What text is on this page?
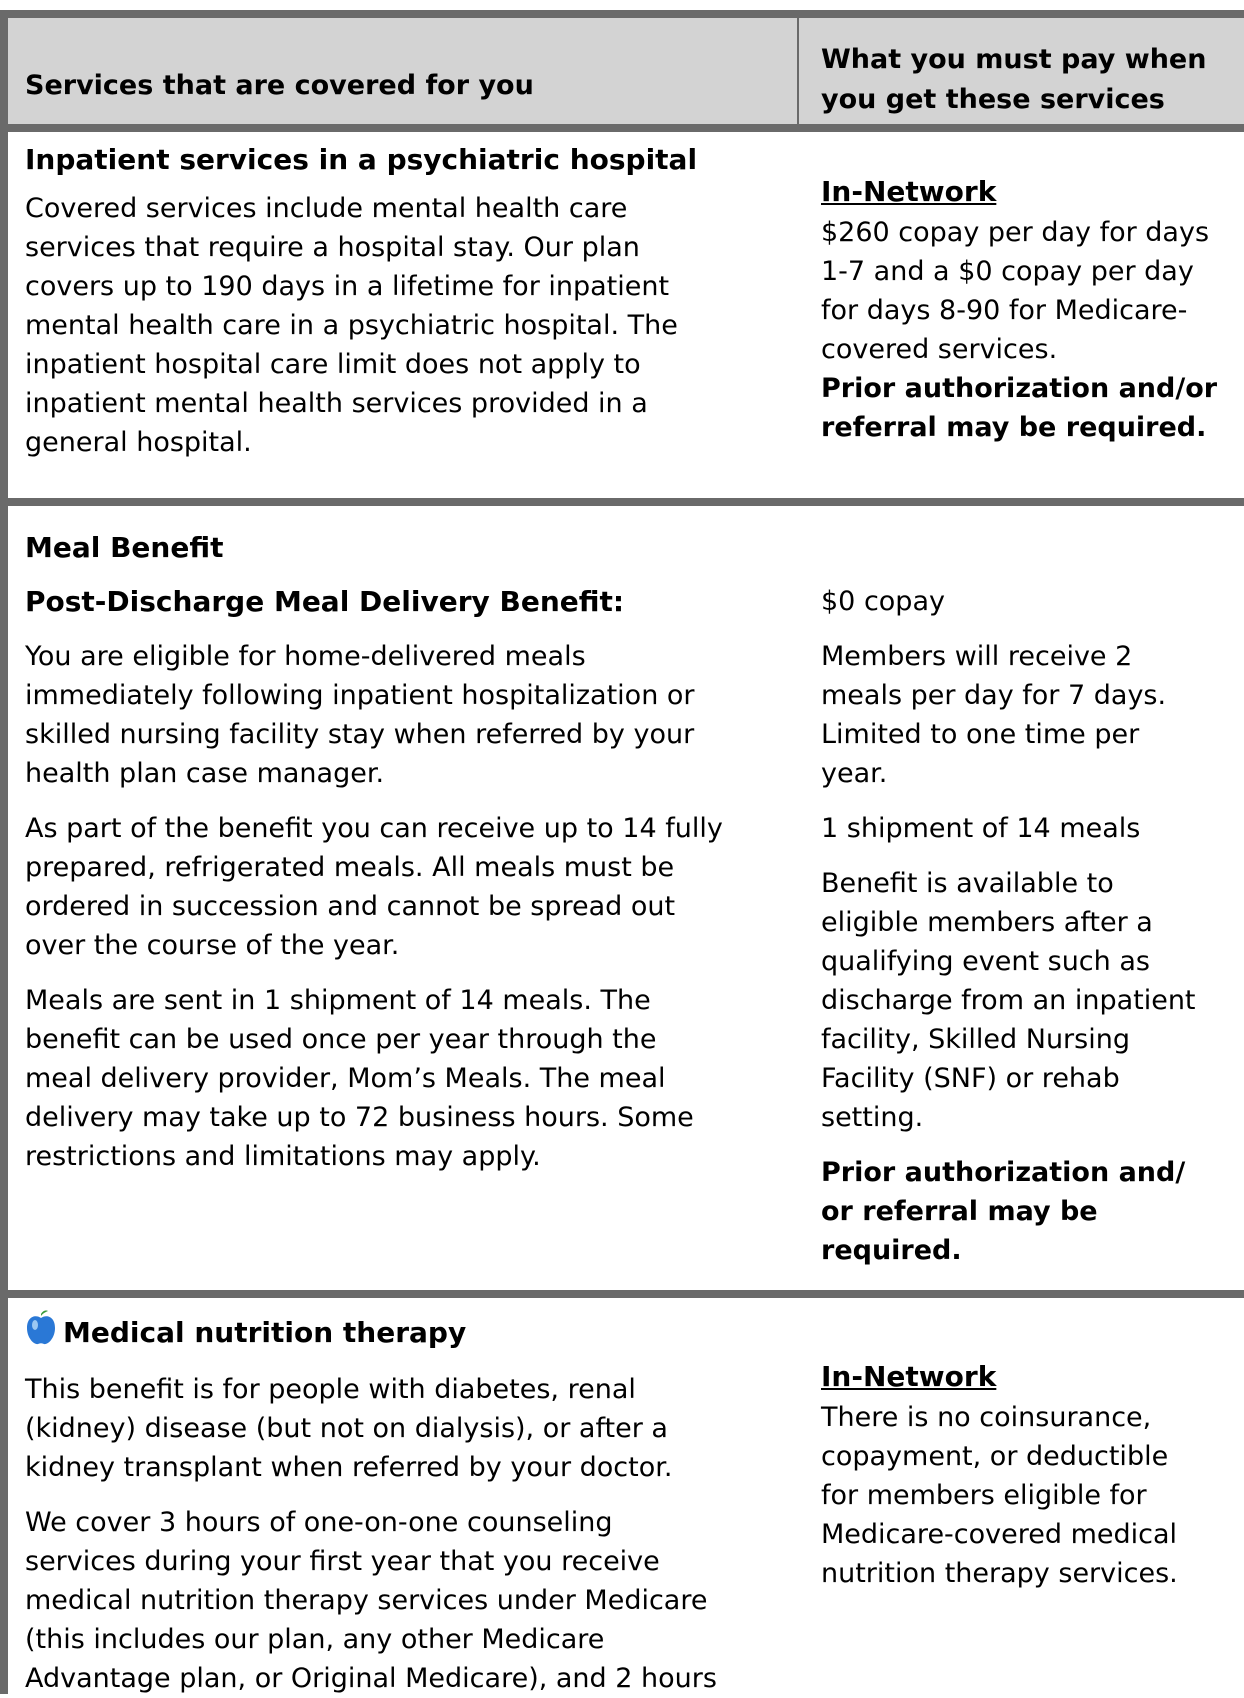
Services that are covered for you
What you must pay when you get these services

Inpatient services in a psychiatric hospital

Covered services include mental health care

services that require a hospital stay. Our plan

covers up to 190 days in a lifetime for inpatient

mental health care in a psychiatric hospital. The

inpatient hospital care limit does not apply to

inpatient mental health services provided in a

general hospital.

In-Network

$260 copay per day for days

1-7 and a $0 copay per day

for days 8-90 for Medicare-

covered services.

Prior authorization and/or

referral may be required.

Meal Benefit

Post-Discharge Meal Delivery Benefit:

You are eligible for home-delivered meals

immediately following inpatient hospitalization or

skilled nursing facility stay when referred by your

health plan case manager.

As part of the benefit you can receive up to 14 fully

prepared, refrigerated meals. All meals must be

ordered in succession and cannot be spread out

over the course of the year.

Meals are sent in 1 shipment of 14 meals. The

benefit can be used once per year through the

meal delivery provider, Mom’s Meals. The meal

delivery may take up to 72 business hours. Some

restrictions and limitations may apply.

$0 copay

Members will receive 2

meals per day for 7 days.

Limited to one time per

year.

1 shipment of 14 meals

Benefit is available to

eligible members after a

qualifying event such as

discharge from an inpatient

facility, Skilled Nursing

Facility (SNF) or rehab

setting.

Prior authorization and/

or referral may be

required.

Medical nutrition therapy

This benefit is for people with diabetes, renal

(kidney) disease (but not on dialysis), or after a

kidney transplant when referred by your doctor.

We cover 3 hours of one-on-one counseling

services during your first year that you receive

medical nutrition therapy services under Medicare

(this includes our plan, any other Medicare

Advantage plan, or Original Medicare), and 2 hours

In-Network

There is no coinsurance,

copayment, or deductible

for members eligible for

Medicare-covered medical

nutrition therapy services.
